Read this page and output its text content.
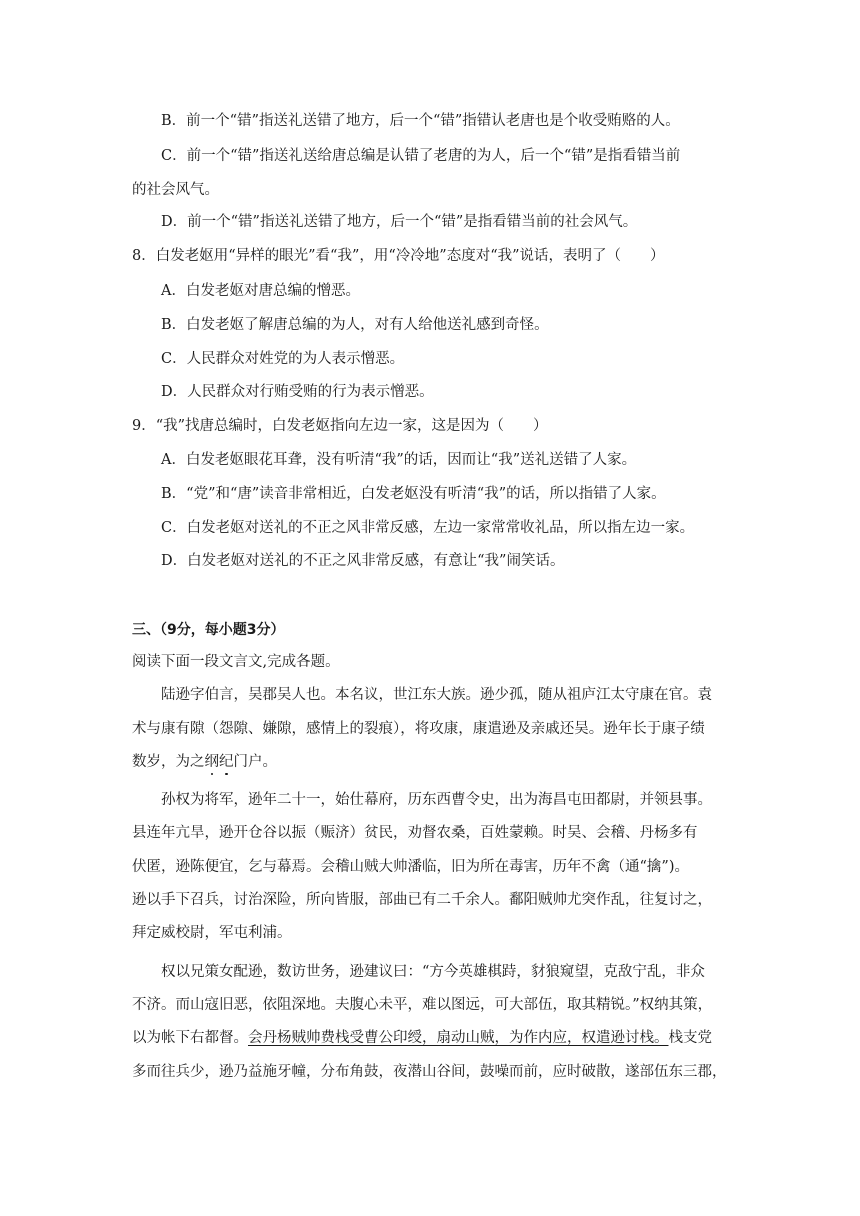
B．前一个“错”指送礼送错了地方，后一个“错”指错认老唐也是个收受贿赂的人。
C．前一个“错”指送礼送给唐总编是认错了老唐的为人，后一个“错”是指看错当前
的社会风气。
D．前一个“错”指送礼送错了地方，后一个“错”是指看错当前的社会风气。
8．白发老妪用“异样的眼光”看“我”，用“冷冷地”态度对“我”说话，表明了（　　）
A．白发老妪对唐总编的憎恶。
B．白发老妪了解唐总编的为人，对有人给他送礼感到奇怪。
C．人民群众对姓党的为人表示憎恶。
D．人民群众对行贿受贿的行为表示憎恶。
9．“我”找唐总编时，白发老妪指向左边一家，这是因为（　　）
A．白发老妪眼花耳聋，没有听清“我”的话，因而让“我”送礼送错了人家。
B．“党”和“唐”读音非常相近，白发老妪没有听清“我”的话，所以指错了人家。
C．白发老妪对送礼的不正之风非常反感，左边一家常常收礼品，所以指左边一家。
D．白发老妪对送礼的不正之风非常反感，有意让“我”闹笑话。
三、（9分，每小题3分）
阅读下面一段文言文,完成各题。
陆逊字伯言，吴郡吴人也。本名议，世江东大族。逊少孤，随从祖庐江太守康在官。袁
术与康有隙（怨隙、嫌隙，感情上的裂痕），将攻康，康遣逊及亲戚还吴。逊年长于康子绩
数岁，为之纲纪门户。
孙权为将军，逊年二十一，始仕幕府，历东西曹令史，出为海昌屯田都尉，并领县事。
县连年亢旱，逊开仓谷以振（赈济）贫民，劝督农桑，百姓蒙赖。时吴、会稽、丹杨多有
伏匿，逊陈便宜，乞与幕焉。会稽山贼大帅潘临，旧为所在毒害，历年不禽（通“擒”)。
逊以手下召兵，讨治深险，所向皆服，部曲已有二千余人。鄱阳贼帅尤突作乱，往复讨之，
拜定威校尉，军屯利浦。
权以兄策女配逊，数访世务，逊建议曰：“方今英雄棋跱，豺狼窥望，克敌宁乱，非众
不济。而山寇旧恶，依阻深地。夫腹心未平，难以图远，可大部伍，取其精锐。”权纳其策，
以为帐下右都督。会丹杨贼帅费栈受曹公印绶，扇动山贼，为作内应，权遣逊讨栈。栈支党
多而往兵少，逊乃益施牙幢，分布角鼓，夜潜山谷间，鼓噪而前，应时破散，遂部伍东三郡，
